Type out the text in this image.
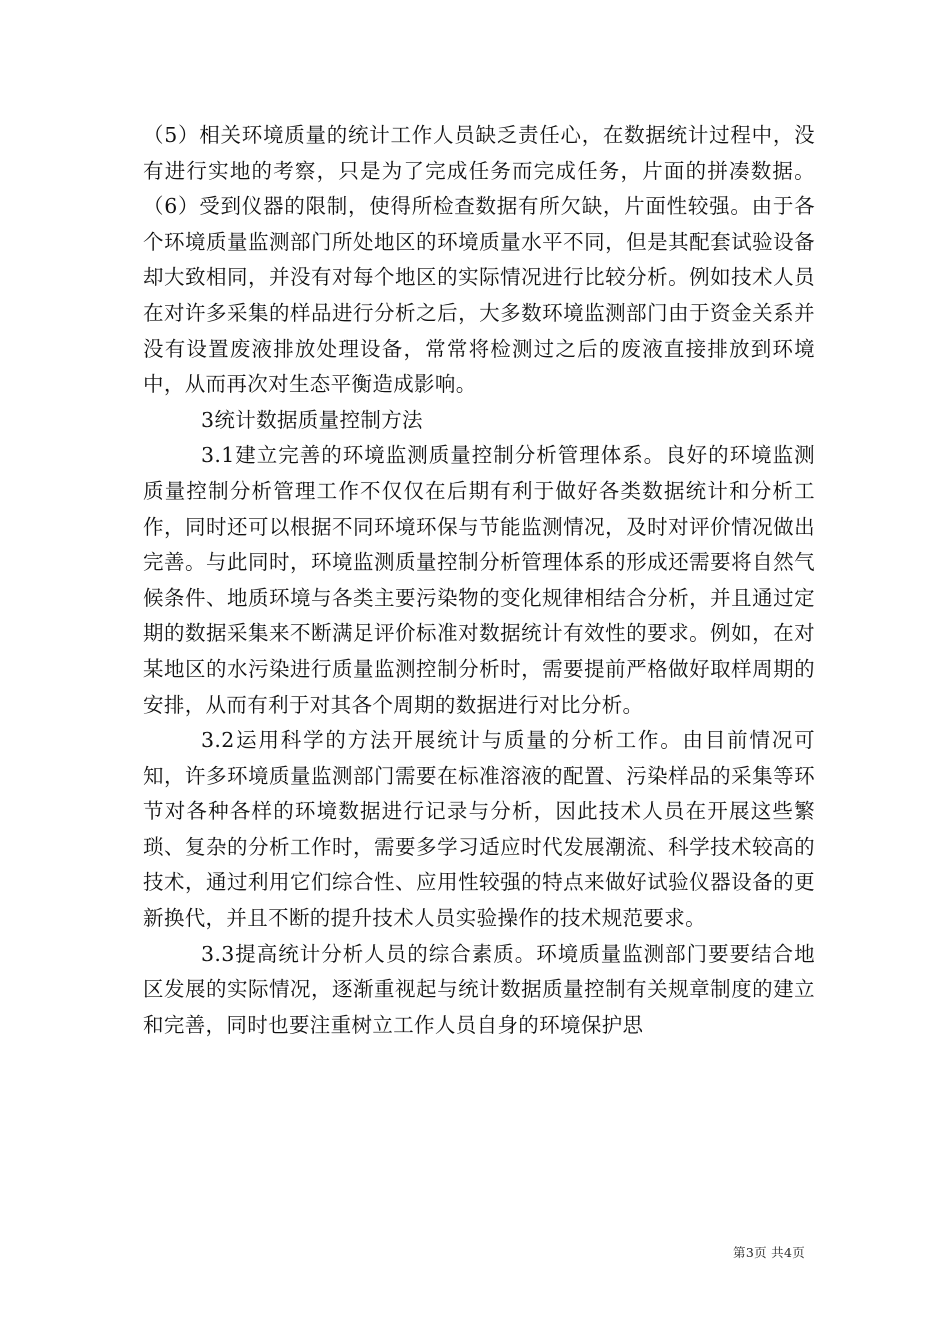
（5）相关环境质量的统计工作人员缺乏责任心，在数据统计过程中，没有进行实地的考察，只是为了完成任务而完成任务，片面的拼凑数据。（6）受到仪器的限制，使得所检查数据有所欠缺，片面性较强。由于各个环境质量监测部门所处地区的环境质量水平不同，但是其配套试验设备却大致相同，并没有对每个地区的实际情况进行比较分析。例如技术人员在对许多采集的样品进行分析之后，大多数环境监测部门由于资金关系并没有设置废液排放处理设备，常常将检测过之后的废液直接排放到环境中，从而再次对生态平衡造成影响。

3统计数据质量控制方法

3.1建立完善的环境监测质量控制分析管理体系。良好的环境监测质量控制分析管理工作不仅仅在后期有利于做好各类数据统计和分析工作，同时还可以根据不同环境环保与节能监测情况，及时对评价情况做出完善。与此同时，环境监测质量控制分析管理体系的形成还需要将自然气候条件、地质环境与各类主要污染物的变化规律相结合分析，并且通过定期的数据采集来不断满足评价标准对数据统计有效性的要求。例如，在对某地区的水污染进行质量监测控制分析时，需要提前严格做好取样周期的安排，从而有利于对其各个周期的数据进行对比分析。

3.2运用科学的方法开展统计与质量的分析工作。由目前情况可知，许多环境质量监测部门需要在标准溶液的配置、污染样品的采集等环节对各种各样的环境数据进行记录与分析，因此技术人员在开展这些繁琐、复杂的分析工作时，需要多学习适应时代发展潮流、科学技术较高的技术，通过利用它们综合性、应用性较强的特点来做好试验仪器设备的更新换代，并且不断的提升技术人员实验操作的技术规范要求。

3.3提高统计分析人员的综合素质。环境质量监测部门要要结合地区发展的实际情况，逐渐重视起与统计数据质量控制有关规章制度的建立和完善，同时也要注重树立工作人员自身的环境保护思

第3页 共4页
